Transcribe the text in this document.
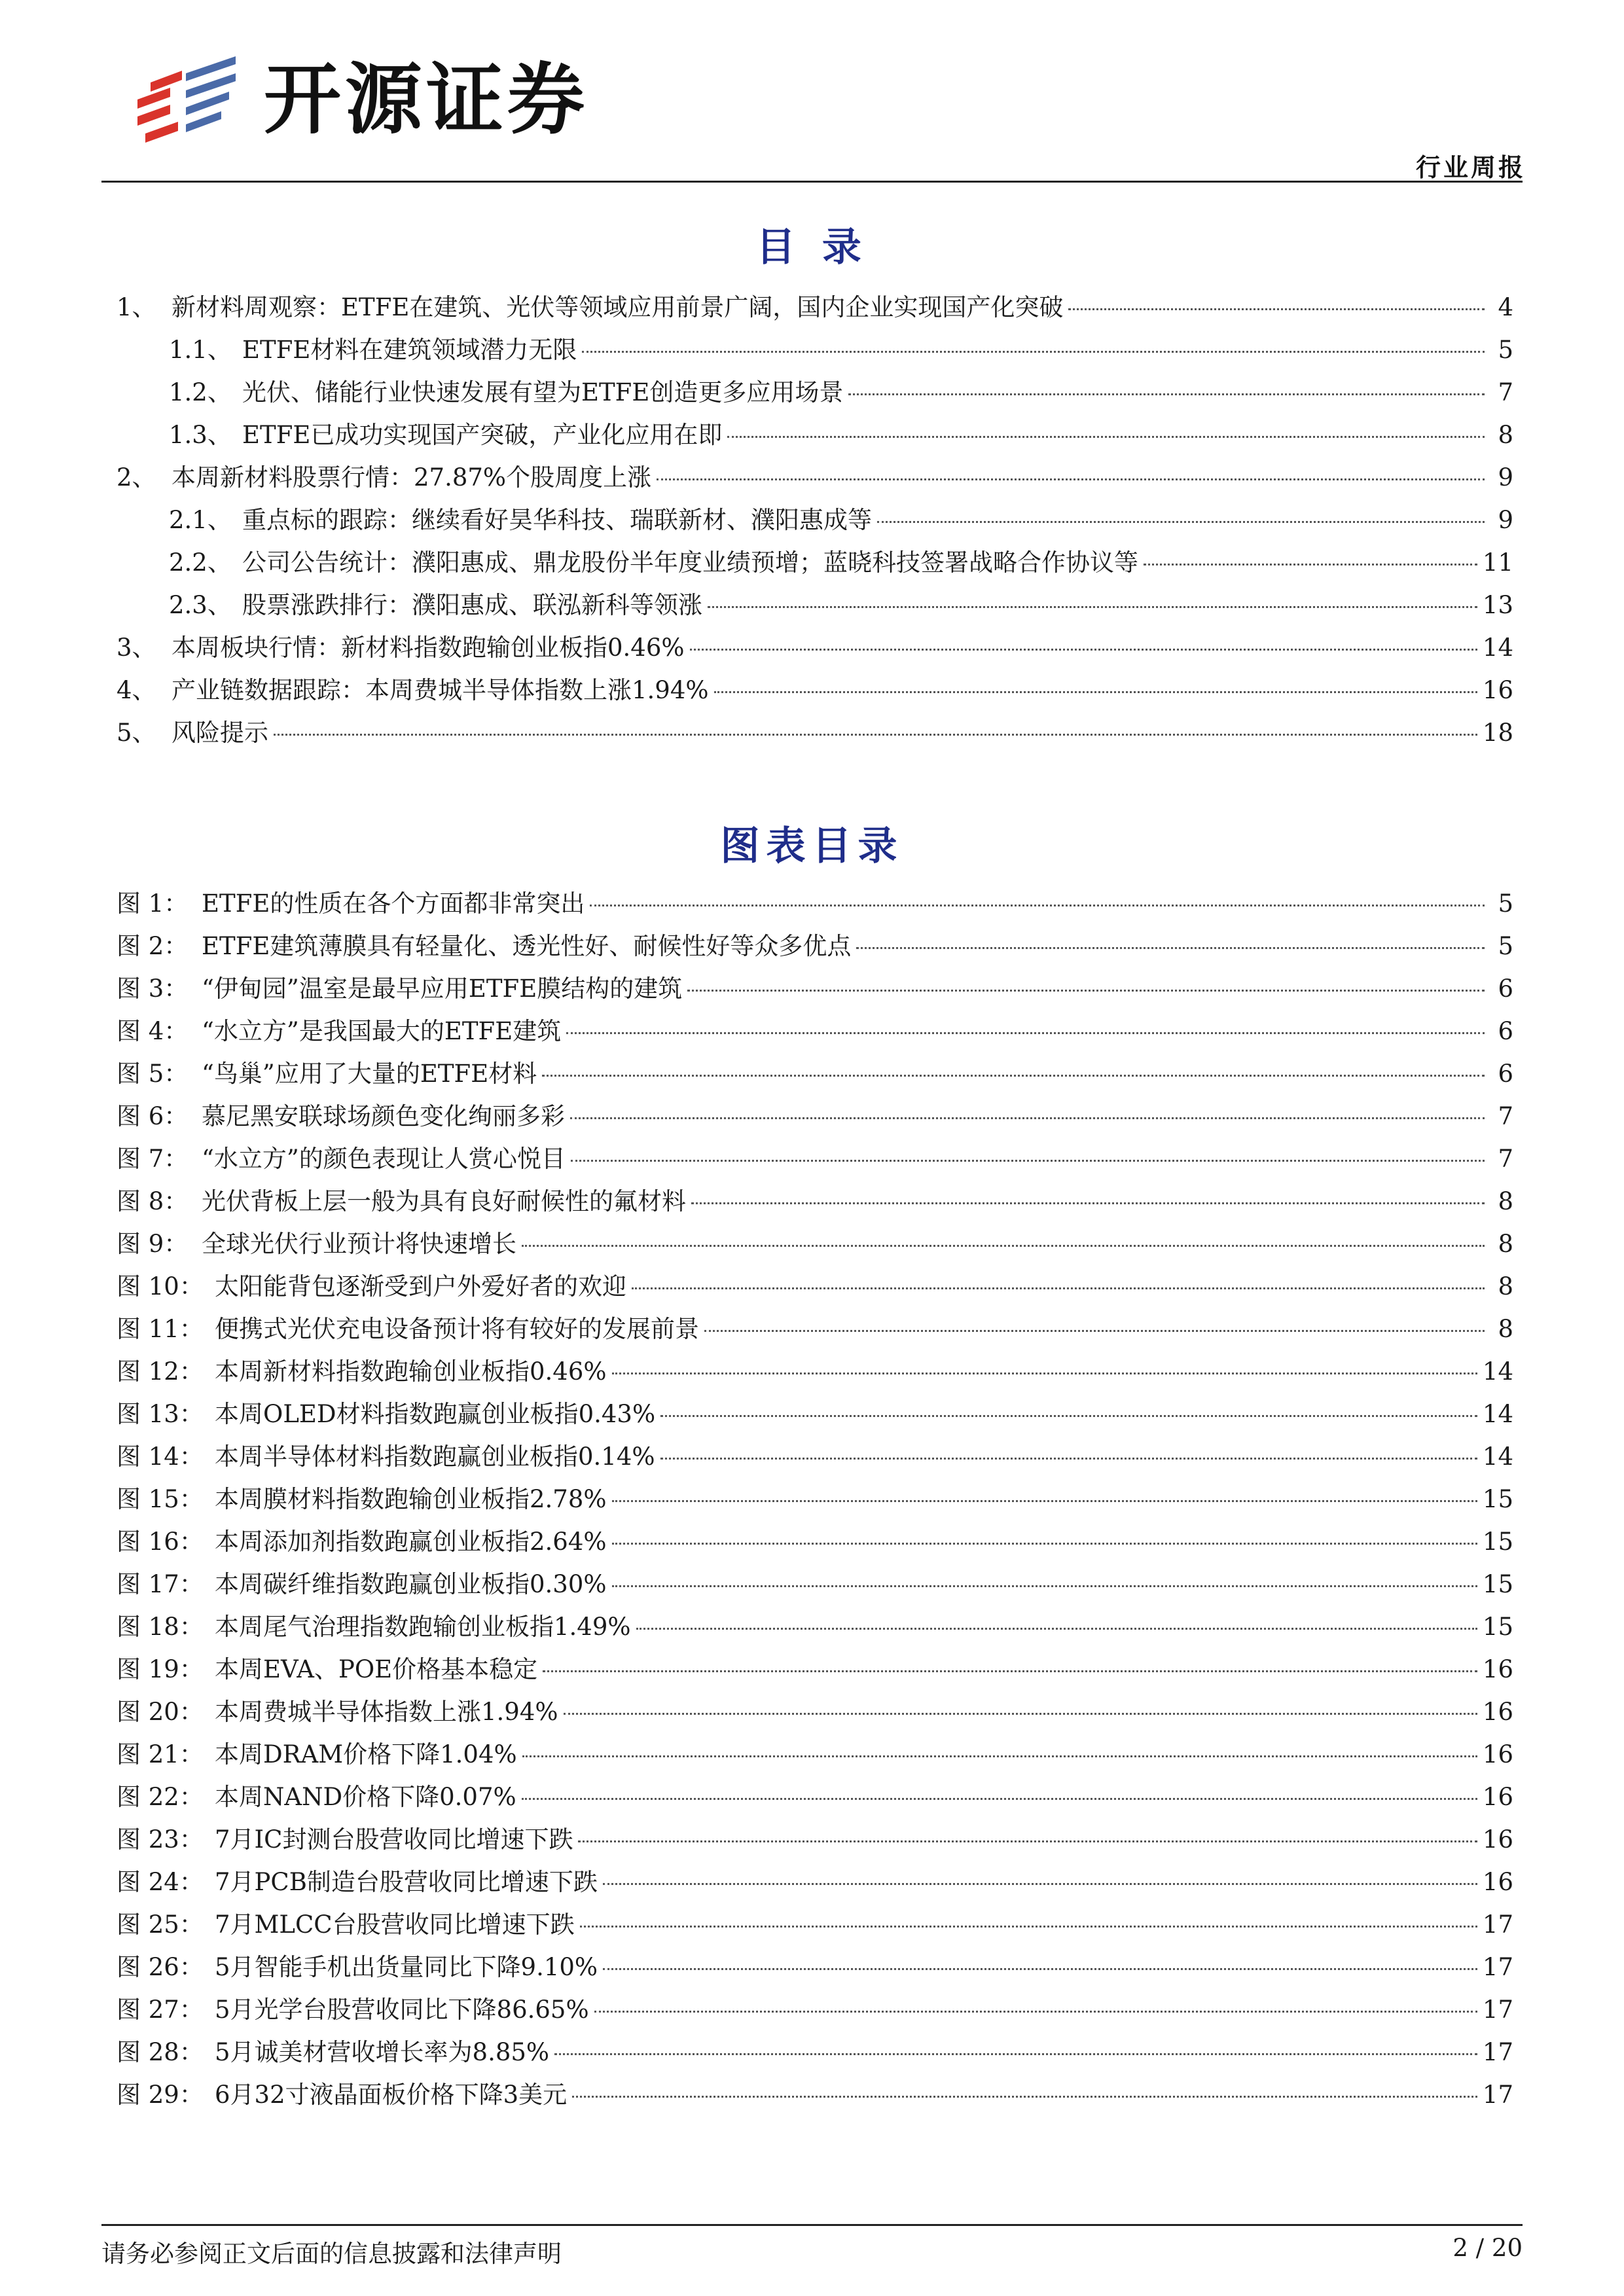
开源证券
行业周报
目 录
1、 新材料周观察：ETFE在建筑、光伏等领域应用前景广阔，国内企业实现国产化突破	4
1.1、 ETFE材料在建筑领域潜力无限	5
1.2、 光伏、储能行业快速发展有望为ETFE创造更多应用场景	7
1.3、 ETFE已成功实现国产突破，产业化应用在即	8
2、 本周新材料股票行情：27.87%个股周度上涨	9
2.1、 重点标的跟踪：继续看好昊华科技、瑞联新材、濮阳惠成等	9
2.2、 公司公告统计：濮阳惠成、鼎龙股份半年度业绩预增；蓝晓科技签署战略合作协议等	11
2.3、 股票涨跌排行：濮阳惠成、联泓新科等领涨	13
3、 本周板块行情：新材料指数跑输创业板指0.46%	14
4、 产业链数据跟踪：本周费城半导体指数上涨1.94%	16
5、 风险提示	18
图表目录
图 1： ETFE的性质在各个方面都非常突出	5
图 2： ETFE建筑薄膜具有轻量化、透光性好、耐候性好等众多优点	5
图 3： “伊甸园”温室是最早应用ETFE膜结构的建筑	6
图 4： “水立方”是我国最大的ETFE建筑	6
图 5： “鸟巢”应用了大量的ETFE材料	6
图 6： 慕尼黑安联球场颜色变化绚丽多彩	7
图 7： “水立方”的颜色表现让人赏心悦目	7
图 8： 光伏背板上层一般为具有良好耐候性的氟材料	8
图 9： 全球光伏行业预计将快速增长	8
图 10： 太阳能背包逐渐受到户外爱好者的欢迎	8
图 11： 便携式光伏充电设备预计将有较好的发展前景	8
图 12： 本周新材料指数跑输创业板指0.46%	14
图 13： 本周OLED材料指数跑赢创业板指0.43%	14
图 14： 本周半导体材料指数跑赢创业板指0.14%	14
图 15： 本周膜材料指数跑输创业板指2.78%	15
图 16： 本周添加剂指数跑赢创业板指2.64%	15
图 17： 本周碳纤维指数跑赢创业板指0.30%	15
图 18： 本周尾气治理指数跑输创业板指1.49%	15
图 19： 本周EVA、POE价格基本稳定	16
图 20： 本周费城半导体指数上涨1.94%	16
图 21： 本周DRAM价格下降1.04%	16
图 22： 本周NAND价格下降0.07%	16
图 23： 7月IC封测台股营收同比增速下跌	16
图 24： 7月PCB制造台股营收同比增速下跌	16
图 25： 7月MLCC台股营收同比增速下跌	17
图 26： 5月智能手机出货量同比下降9.10%	17
图 27： 5月光学台股营收同比下降86.65%	17
图 28： 5月诚美材营收增长率为8.85%	17
图 29： 6月32寸液晶面板价格下降3美元	17
请务必参阅正文后面的信息披露和法律声明	2 / 20
